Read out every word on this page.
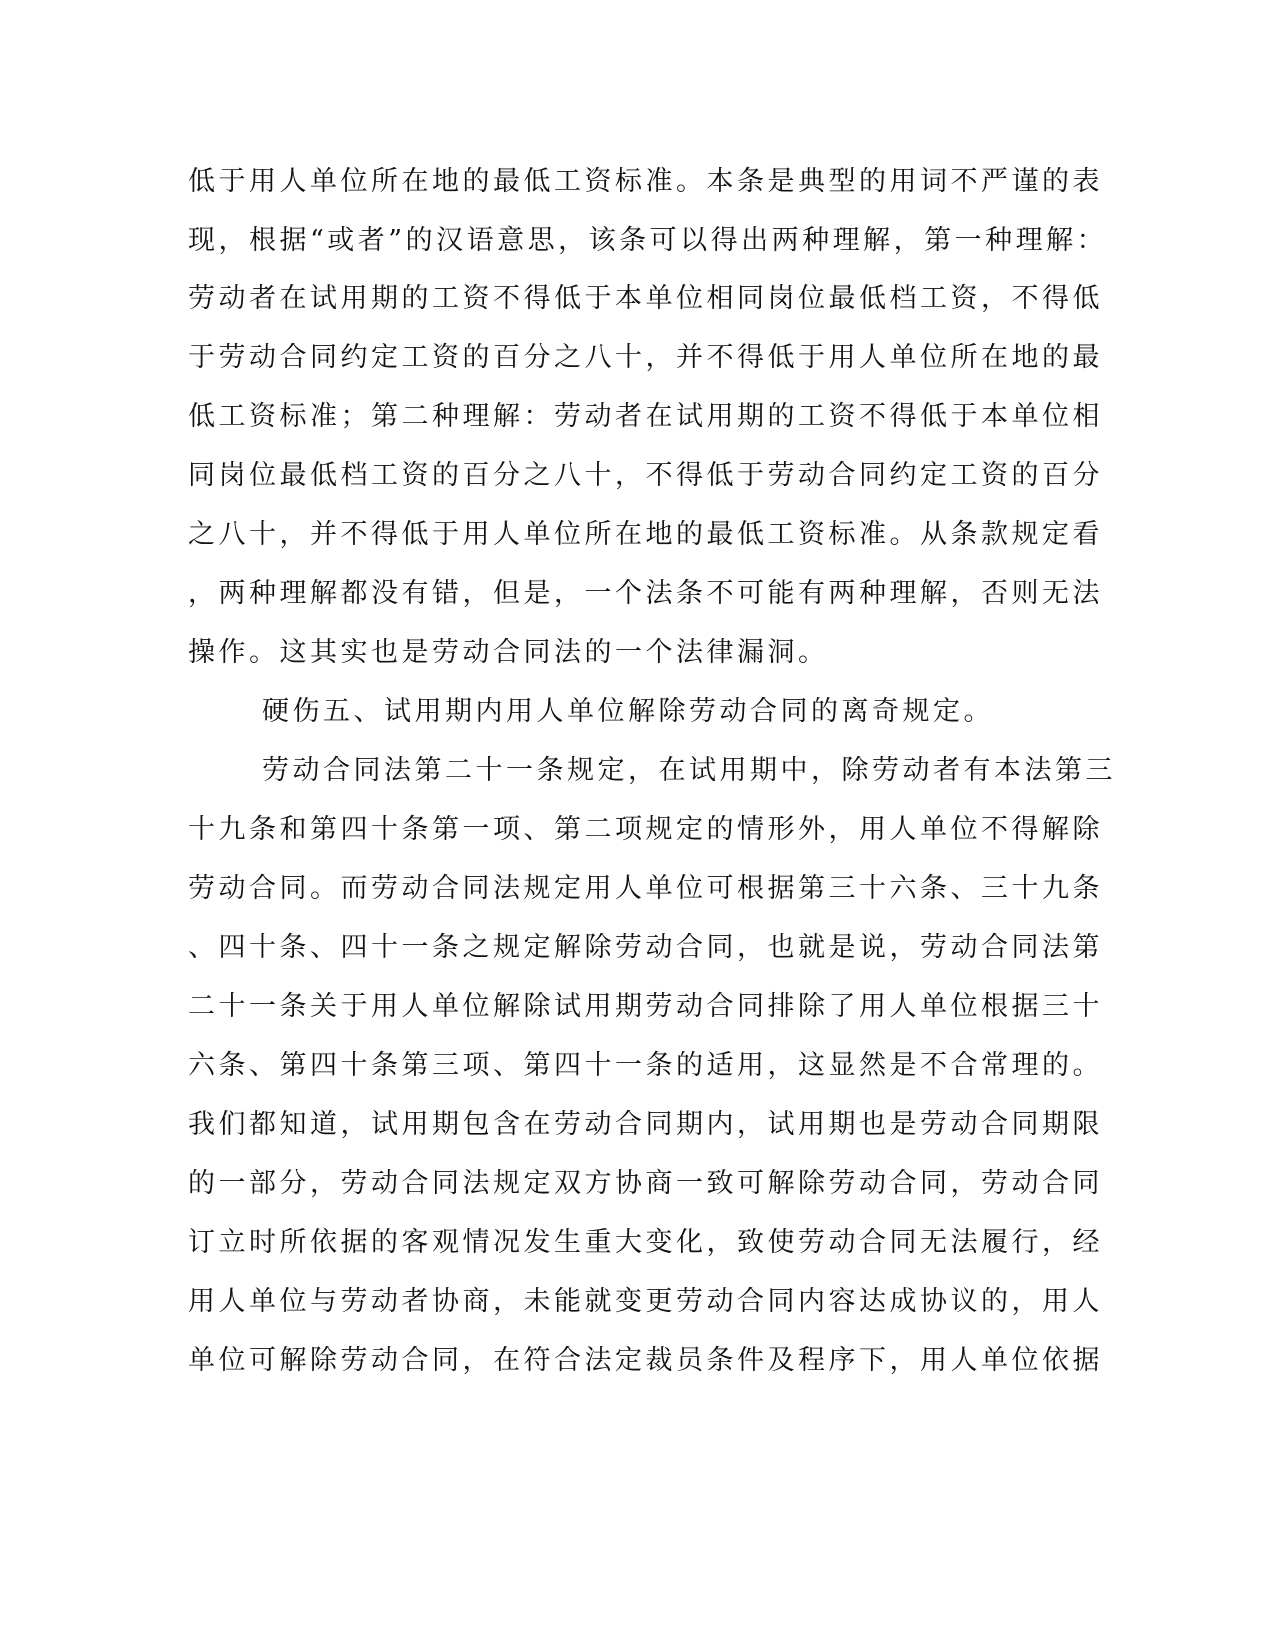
低于用人单位所在地的最低工资标准。本条是典型的用词不严谨的表
现，根据“或者”的汉语意思，该条可以得出两种理解，第一种理解：
劳动者在试用期的工资不得低于本单位相同岗位最低档工资，不得低
于劳动合同约定工资的百分之八十，并不得低于用人单位所在地的最
低工资标准；第二种理解：劳动者在试用期的工资不得低于本单位相
同岗位最低档工资的百分之八十，不得低于劳动合同约定工资的百分
之八十，并不得低于用人单位所在地的最低工资标准。从条款规定看
，两种理解都没有错，但是，一个法条不可能有两种理解，否则无法
操作。这其实也是劳动合同法的一个法律漏洞。
硬伤五、试用期内用人单位解除劳动合同的离奇规定。
劳动合同法第二十一条规定，在试用期中，除劳动者有本法第三
十九条和第四十条第一项、第二项规定的情形外，用人单位不得解除
劳动合同。而劳动合同法规定用人单位可根据第三十六条、三十九条
、四十条、四十一条之规定解除劳动合同，也就是说，劳动合同法第
二十一条关于用人单位解除试用期劳动合同排除了用人单位根据三十
六条、第四十条第三项、第四十一条的适用，这显然是不合常理的。
我们都知道，试用期包含在劳动合同期内，试用期也是劳动合同期限
的一部分，劳动合同法规定双方协商一致可解除劳动合同，劳动合同
订立时所依据的客观情况发生重大变化，致使劳动合同无法履行，经
用人单位与劳动者协商，未能就变更劳动合同内容达成协议的，用人
单位可解除劳动合同，在符合法定裁员条件及程序下，用人单位依据
